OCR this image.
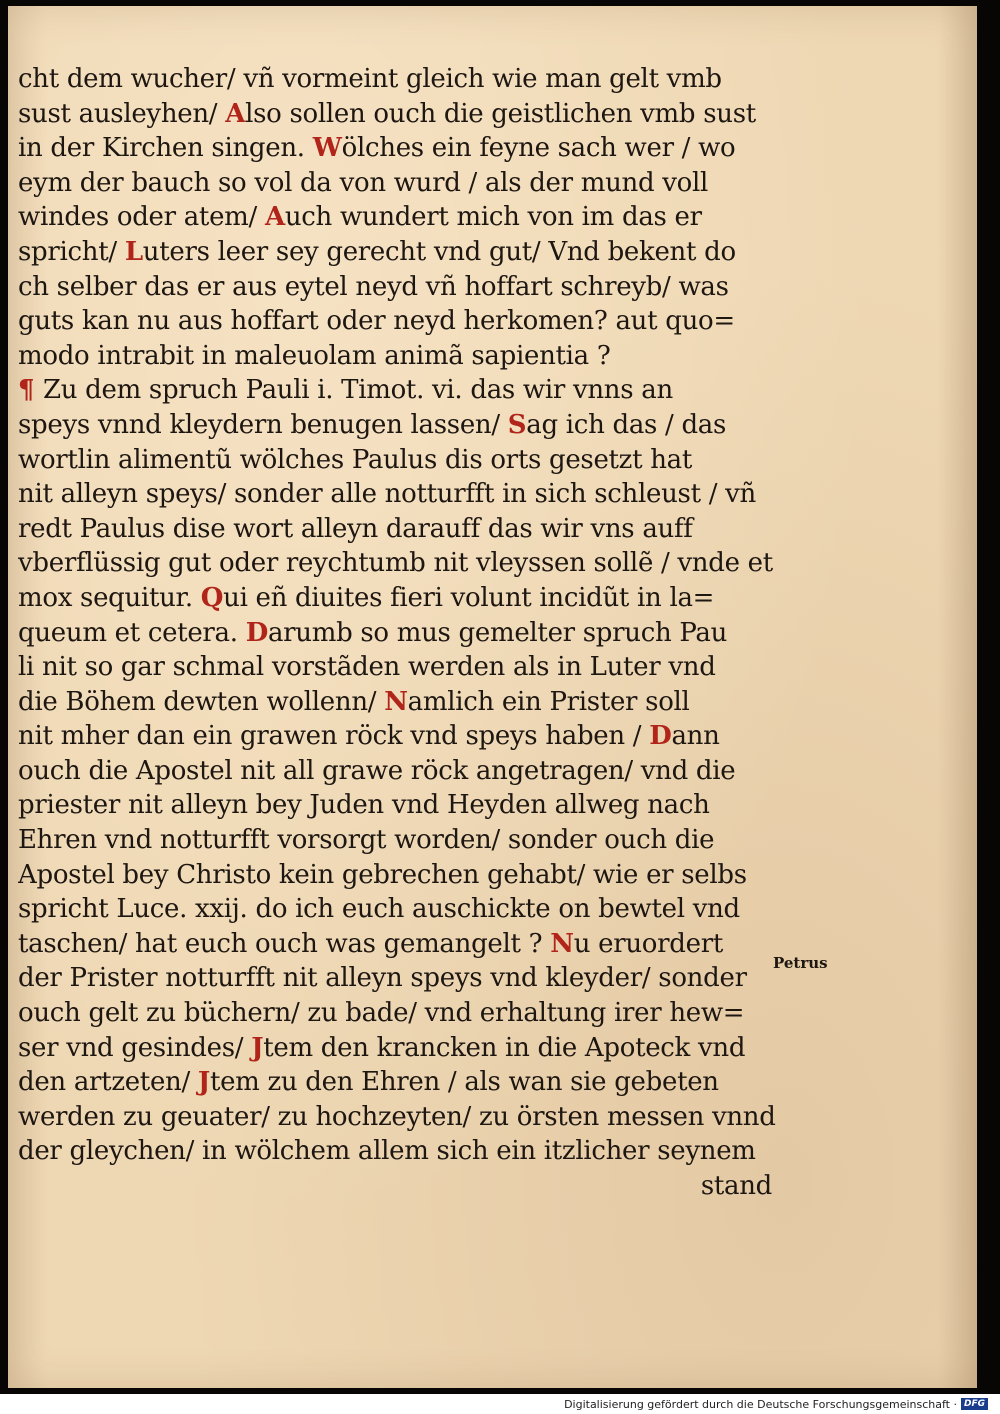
cht dem wucher/ vñ vormeint gleich wie man gelt vmb
sust ausleyhen/ Also sollen ouch die geistlichen vmb sust
in der Kirchen singen. Wölches ein feyne sach wer / wo
eym der bauch so vol da von wurd / als der mund voll
windes oder atem/ Auch wundert mich von im das er
spricht/ Luters leer sey gerecht vnd gut/ Vnd bekent do
ch selber das er aus eytel neyd vñ hoffart schreyb/ was
guts kan nu aus hoffart oder neyd herkomen? aut quo=
modo intrabit in maleuolam animã sapientia ?
¶ Zu dem spruch Pauli i. Timot. vi. das wir vnns an
speys vnnd kleydern benugen lassen/ Sag ich das / das
wortlin alimentũ wölches Paulus dis orts gesetzt hat
nit alleyn speys/ sonder alle notturfft in sich schleust / vñ
redt Paulus dise wort alleyn darauff das wir vns auff
vberflüssig gut oder reychtumb nit vleyssen sollẽ / vnde et
mox sequitur. Qui eñ diuites fieri volunt incidũt in la=
queum et cetera. Darumb so mus gemelter spruch Pau
li nit so gar schmal vorstãden werden als in Luter vnd
die Böhem dewten wollenn/ Namlich ein Prister soll
nit mher dan ein grawen röck vnd speys haben / Dann
ouch die Apostel nit all grawe röck angetragen/ vnd die
priester nit alleyn bey Juden vnd Heyden allweg nach
Ehren vnd notturfft vorsorgt worden/ sonder ouch die
Apostel bey Christo kein gebrechen gehabt/ wie er selbs
spricht Luce. xxij. do ich euch auschickte on bewtel vnd
taschen/ hat euch ouch was gemangelt ? Nu eruordert
der Prister notturfft nit alleyn speys vnd kleyder/ sonder
ouch gelt zu büchern/ zu bade/ vnd erhaltung irer hew=
ser vnd gesindes/ Jtem den krancken in die Apoteck vnd
den artzeten/ Jtem zu den Ehren / als wan sie gebeten
werden zu geuater/ zu hochzeyten/ zu örsten messen vnnd
der gleychen/ in wölchem allem sich ein itzlicher seynem
stand
Petrus
Digitalisierung gefördert durch die Deutsche Forschungsgemeinschaft · DFG
